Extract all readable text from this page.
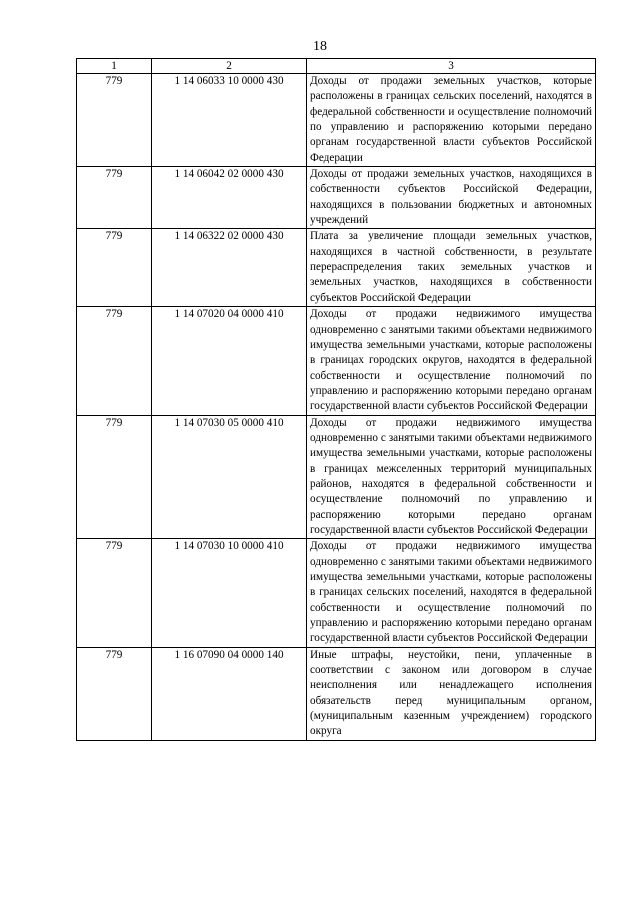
18
1	2	3
779	1 14 06033 10 0000 430	Доходы от продажи земельных участков, которые расположены в границах сельских поселений, находятся в федеральной собственности и осуществление полномочий по управлению и распоряжению которыми передано органам государственной власти субъектов Российской Федерации
779	1 14 06042 02 0000 430	Доходы от продажи земельных участков, находящихся в собственности субъектов Российской Федерации, находящихся в пользовании бюджетных и автономных учреждений
779	1 14 06322 02 0000 430	Плата за увеличение площади земельных участков, находящихся в частной собственности, в результате перераспределения таких земельных участков и земельных участков, находящихся в собственности субъектов Российской Федерации
779	1 14 07020 04 0000 410	Доходы от продажи недвижимого имущества одновременно с занятыми такими объектами недвижимого имущества земельными участками, которые расположены в границах городских округов, находятся в федеральной собственности и осуществление полномочий по управлению и распоряжению которыми передано органам государственной власти субъектов Российской Федерации
779	1 14 07030 05 0000 410	Доходы от продажи недвижимого имущества одновременно с занятыми такими объектами недвижимого имущества земельными участками, которые расположены в границах межселенных территорий муниципальных районов, находятся в федеральной собственности и осуществление полномочий по управлению и распоряжению которыми передано органам государственной власти субъектов Российской Федерации
779	1 14 07030 10 0000 410	Доходы от продажи недвижимого имущества одновременно с занятыми такими объектами недвижимого имущества земельными участками, которые расположены в границах сельских поселений, находятся в федеральной собственности и осуществление полномочий по управлению и распоряжению которыми передано органам государственной власти субъектов Российской Федерации
779	1 16 07090 04 0000 140	Иные штрафы, неустойки, пени, уплаченные в соответствии с законом или договором в случае неисполнения или ненадлежащего исполнения обязательств перед муниципальным органом, (муниципальным казенным учреждением) городского округа
